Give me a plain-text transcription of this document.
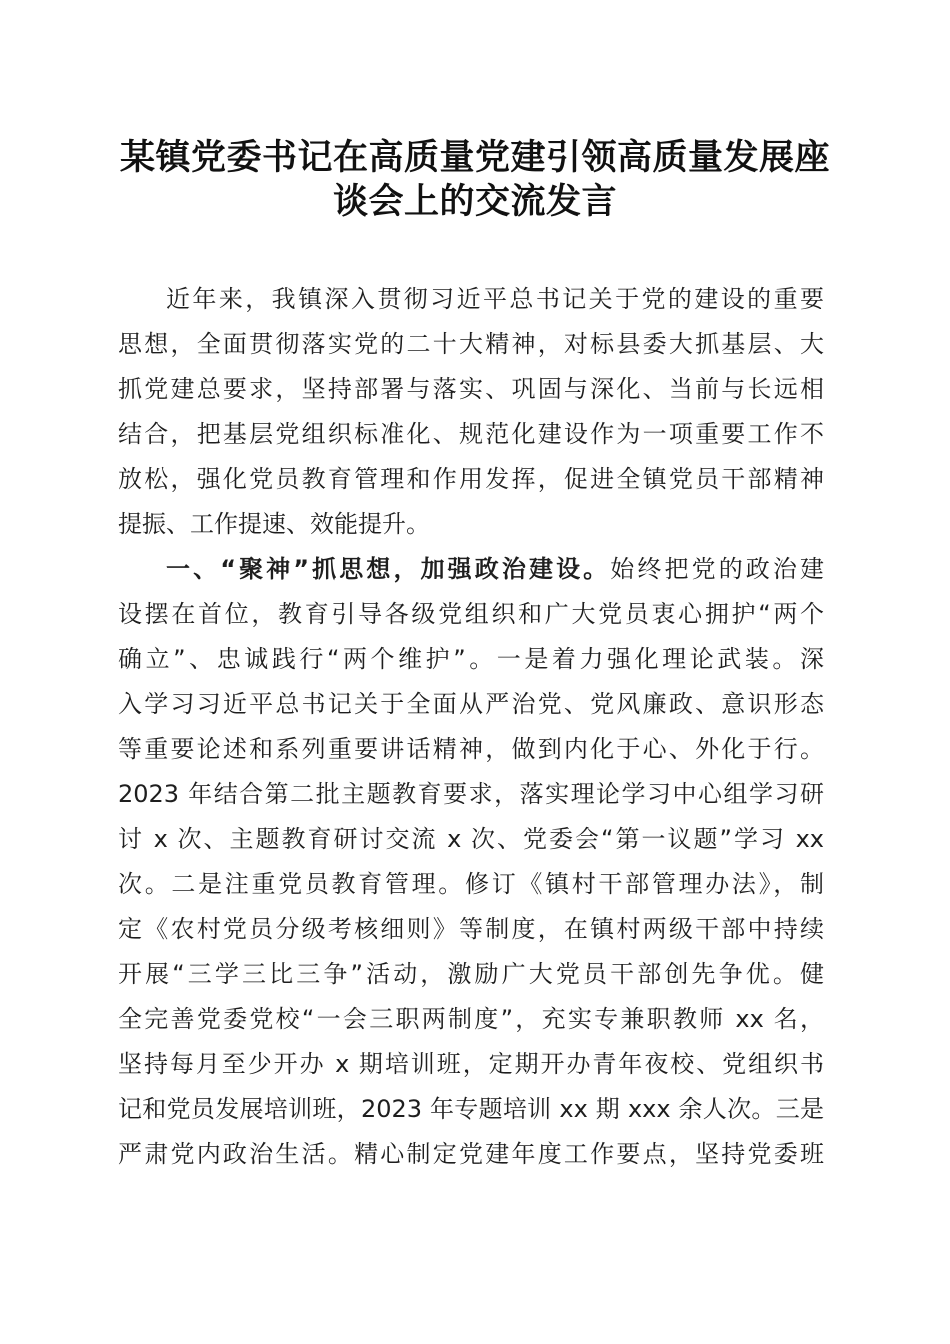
某镇党委书记在高质量党建引领高质量发展座
谈会上的交流发言
近年来，我镇深入贯彻习近平总书记关于党的建设的重要
思想，全面贯彻落实党的二十大精神，对标县委大抓基层、大
抓党建总要求，坚持部署与落实、巩固与深化、当前与长远相
结合，把基层党组织标准化、规范化建设作为一项重要工作不
放松，强化党员教育管理和作用发挥，促进全镇党员干部精神
提振、工作提速、效能提升。
一、“聚神”抓思想，加强政治建设。始终把党的政治建
设摆在首位，教育引导各级党组织和广大党员衷心拥护“两个
确立”、忠诚践行“两个维护”。一是着力强化理论武装。深
入学习习近平总书记关于全面从严治党、党风廉政、意识形态
等重要论述和系列重要讲话精神，做到内化于心、外化于行。
2023 年结合第二批主题教育要求，落实理论学习中心组学习研
讨 x 次、主题教育研讨交流 x 次、党委会“第一议题”学习 xx
次。二是注重党员教育管理。修订《镇村干部管理办法》，制
定《农村党员分级考核细则》等制度，在镇村两级干部中持续
开展“三学三比三争”活动，激励广大党员干部创先争优。健
全完善党委党校“一会三职两制度”，充实专兼职教师 xx 名，
坚持每月至少开办 x 期培训班，定期开办青年夜校、党组织书
记和党员发展培训班，2023 年专题培训 xx 期 xxx 余人次。三是
严肃党内政治生活。精心制定党建年度工作要点，坚持党委班
